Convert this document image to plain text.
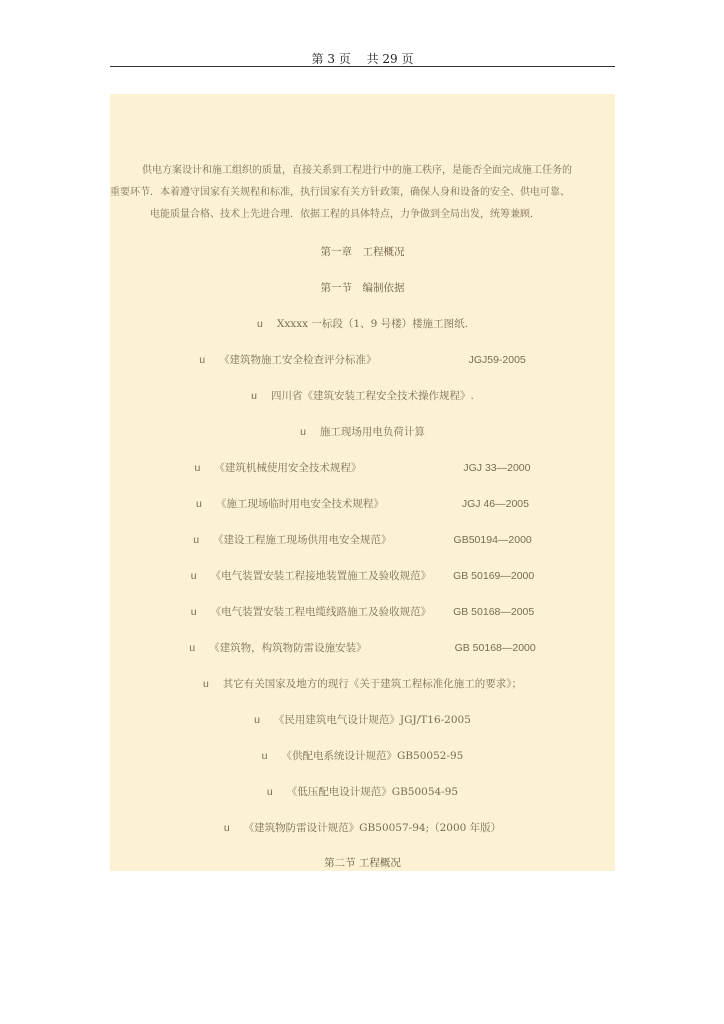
第 3 页 共 29 页
供电方案设计和施工组织的质量，直接关系到工程进行中的施工秩序，是能否全面完成施工任务的
重要环节．本着遵守国家有关规程和标准，执行国家有关方针政策，确保人身和设备的安全、供电可靠、
电能质量合格、技术上先进合理．依据工程的具体特点，力争做到全局出发，统筹兼顾．
第一章　工程概况
第一节　编制依据
u Xxxxx 一标段（1、9 号楼）楼施工图纸.
u 《建筑物施工安全检查评分标准》	JGJ59-2005
u 四川省《建筑安装工程安全技术操作规程》.
u 施工现场用电负荷计算
u 《建筑机械使用安全技术规程》	JGJ 33—2000
u 《施工现场临时用电安全技术规程》	JGJ 46—2005
u 《建设工程施工现场供用电安全规范》	GB50194—2000
u 《电气装置安装工程接地装置施工及验收规范》 GB 50169—2000
u 《电气装置安装工程电缆线路施工及验收规范》 GB 50168—2005
u 《建筑物，构筑物防雷设施安装》	GB 50168—2000
u 其它有关国家及地方的现行《关于建筑工程标准化施工的要求》；
u 《民用建筑电气设计规范》JGJ/T16-2005
u 《供配电系统设计规范》GB50052-95
u 《低压配电设计规范》GB50054-95
u 《建筑物防雷设计规范》GB50057-94;（2000 年版）
第二节 工程概况
